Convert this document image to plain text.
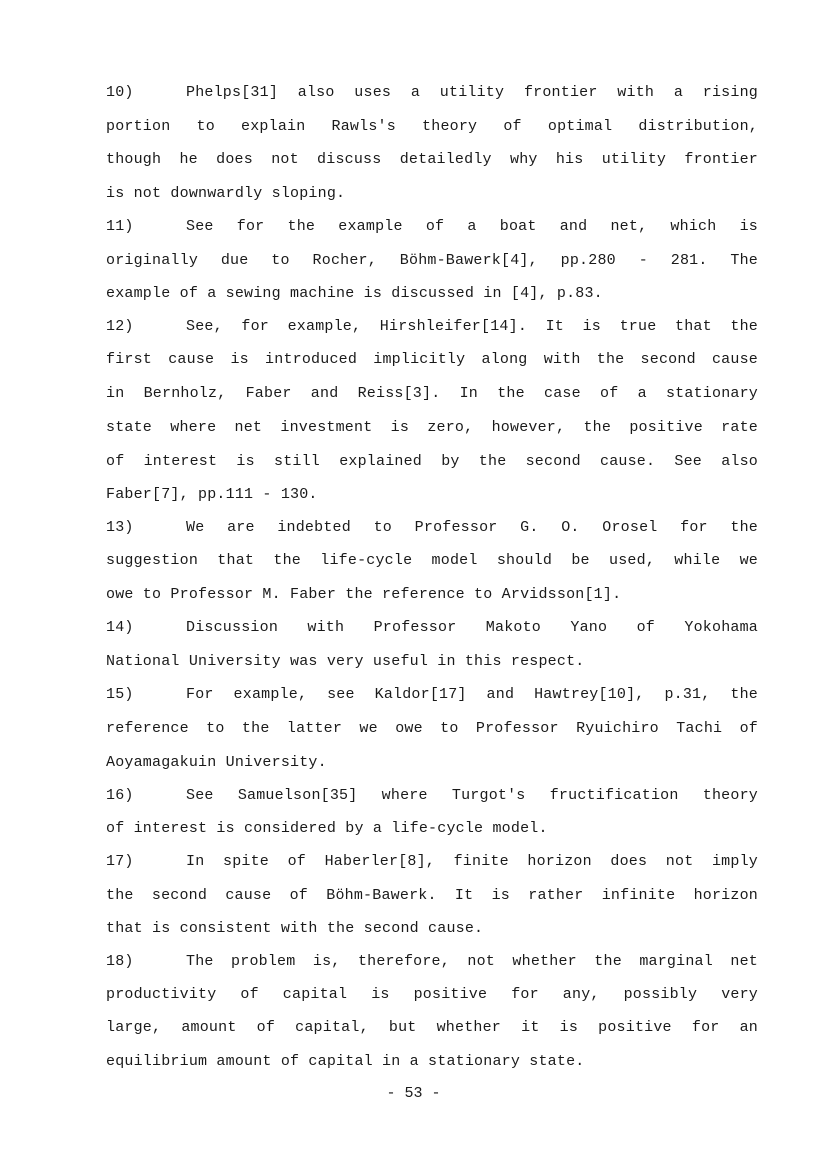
10)	Phelps[31] also uses a utility frontier with a rising
portion to explain Rawls's theory of optimal distribution,
though he does not discuss detailedly why his utility frontier
is not downwardly sloping.
11)	See for the example of a boat and net, which is
originally due to Rocher, Böhm-Bawerk[4], pp.280 - 281. The
example of a sewing machine is discussed in [4], p.83.
12)	See, for example, Hirshleifer[14]. It is true that the
first cause is introduced implicitly along with the second cause
in Bernholz, Faber and Reiss[3]. In the case of a stationary
state where net investment is zero, however, the positive rate
of interest is still explained by the second cause. See also
Faber[7], pp.111 - 130.
13)	We are indebted to Professor G. O. Orosel for the
suggestion that the life-cycle model should be used, while we
owe to Professor M. Faber the reference to Arvidsson[1].
14)	Discussion with Professor Makoto Yano of Yokohama
National University was very useful in this respect.
15)	For example, see Kaldor[17] and Hawtrey[10], p.31, the
reference to the latter we owe to Professor Ryuichiro Tachi of
Aoyamagakuin University.
16)	See Samuelson[35] where Turgot's fructification theory
of interest is considered by a life-cycle model.
17)	In spite of Haberler[8], finite horizon does not imply
the second cause of Böhm-Bawerk. It is rather infinite horizon
that is consistent with the second cause.
18)	The problem is, therefore, not whether the marginal net
productivity of capital is positive for any, possibly very
large, amount of capital, but whether it is positive for an
equilibrium amount of capital in a stationary state.
- 53 -
